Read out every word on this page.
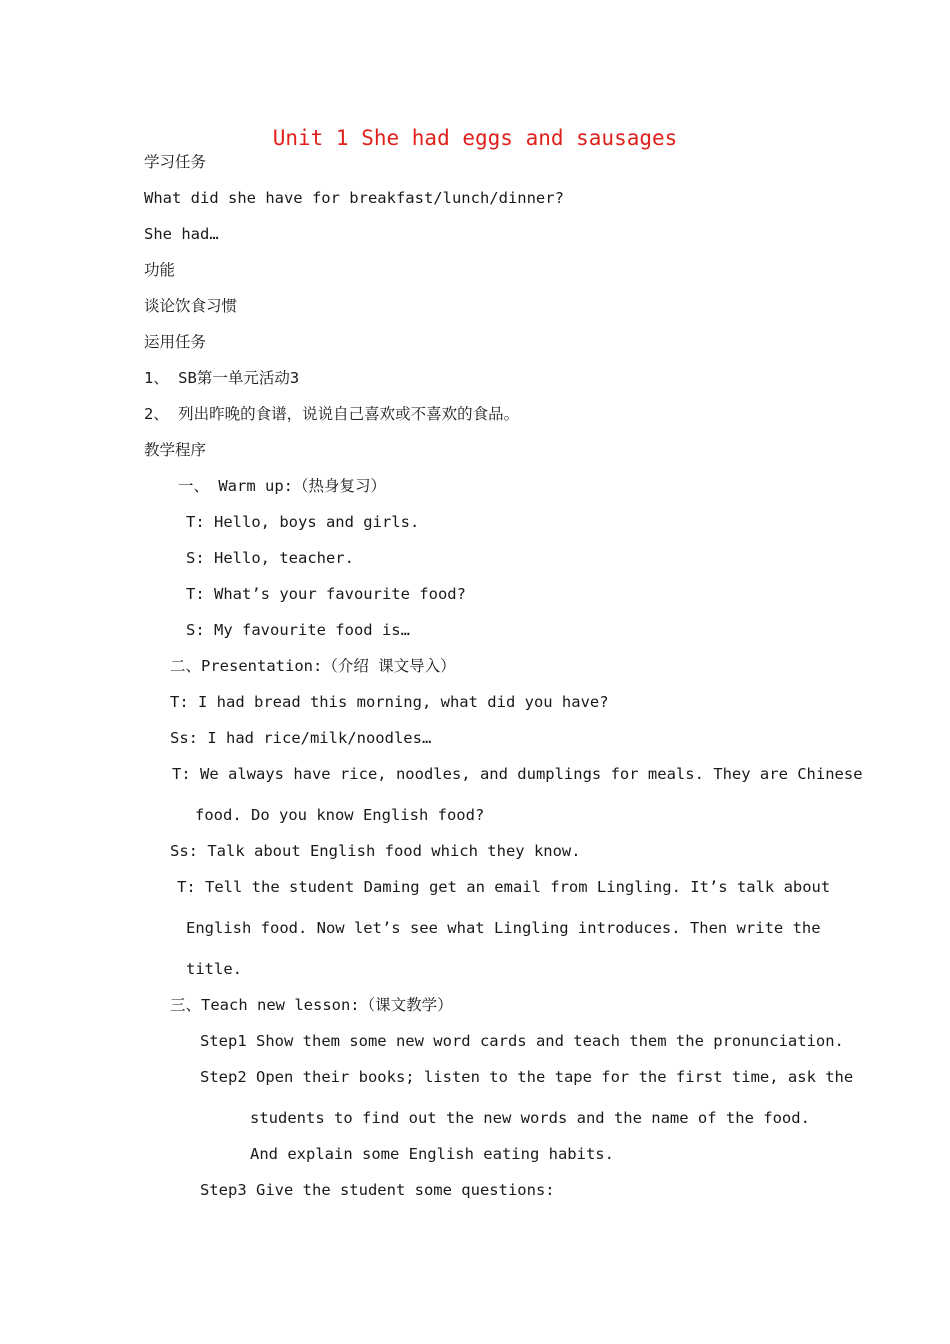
Unit 1 She had eggs and sausages
学习任务
What did she have for breakfast/lunch/dinner?
She had…
功能
谈论饮食习惯
运用任务
1、 SB第一单元活动3
2、 列出昨晚的食谱，说说自己喜欢或不喜欢的食品。
教学程序
一、 Warm up:（热身复习）
T: Hello, boys and girls.
S: Hello, teacher.
T: What’s your favourite food?
S: My favourite food is…
二、Presentation:（介绍 课文导入）
T: I had bread this morning, what did you have?
Ss: I had rice/milk/noodles…
T: We always have rice, noodles, and dumplings for meals. They are Chinese
food. Do you know English food?
Ss: Talk about English food which they know.
T: Tell the student Daming get an email from Lingling. It’s talk about
English food. Now let’s see what Lingling introduces. Then write the
title.
三、Teach new lesson:（课文教学）
Step1 Show them some new word cards and teach them the pronunciation.
Step2 Open their books; listen to the tape for the first time, ask the
students to find out the new words and the name of the food.
And explain some English eating habits.
Step3 Give the student some questions:
